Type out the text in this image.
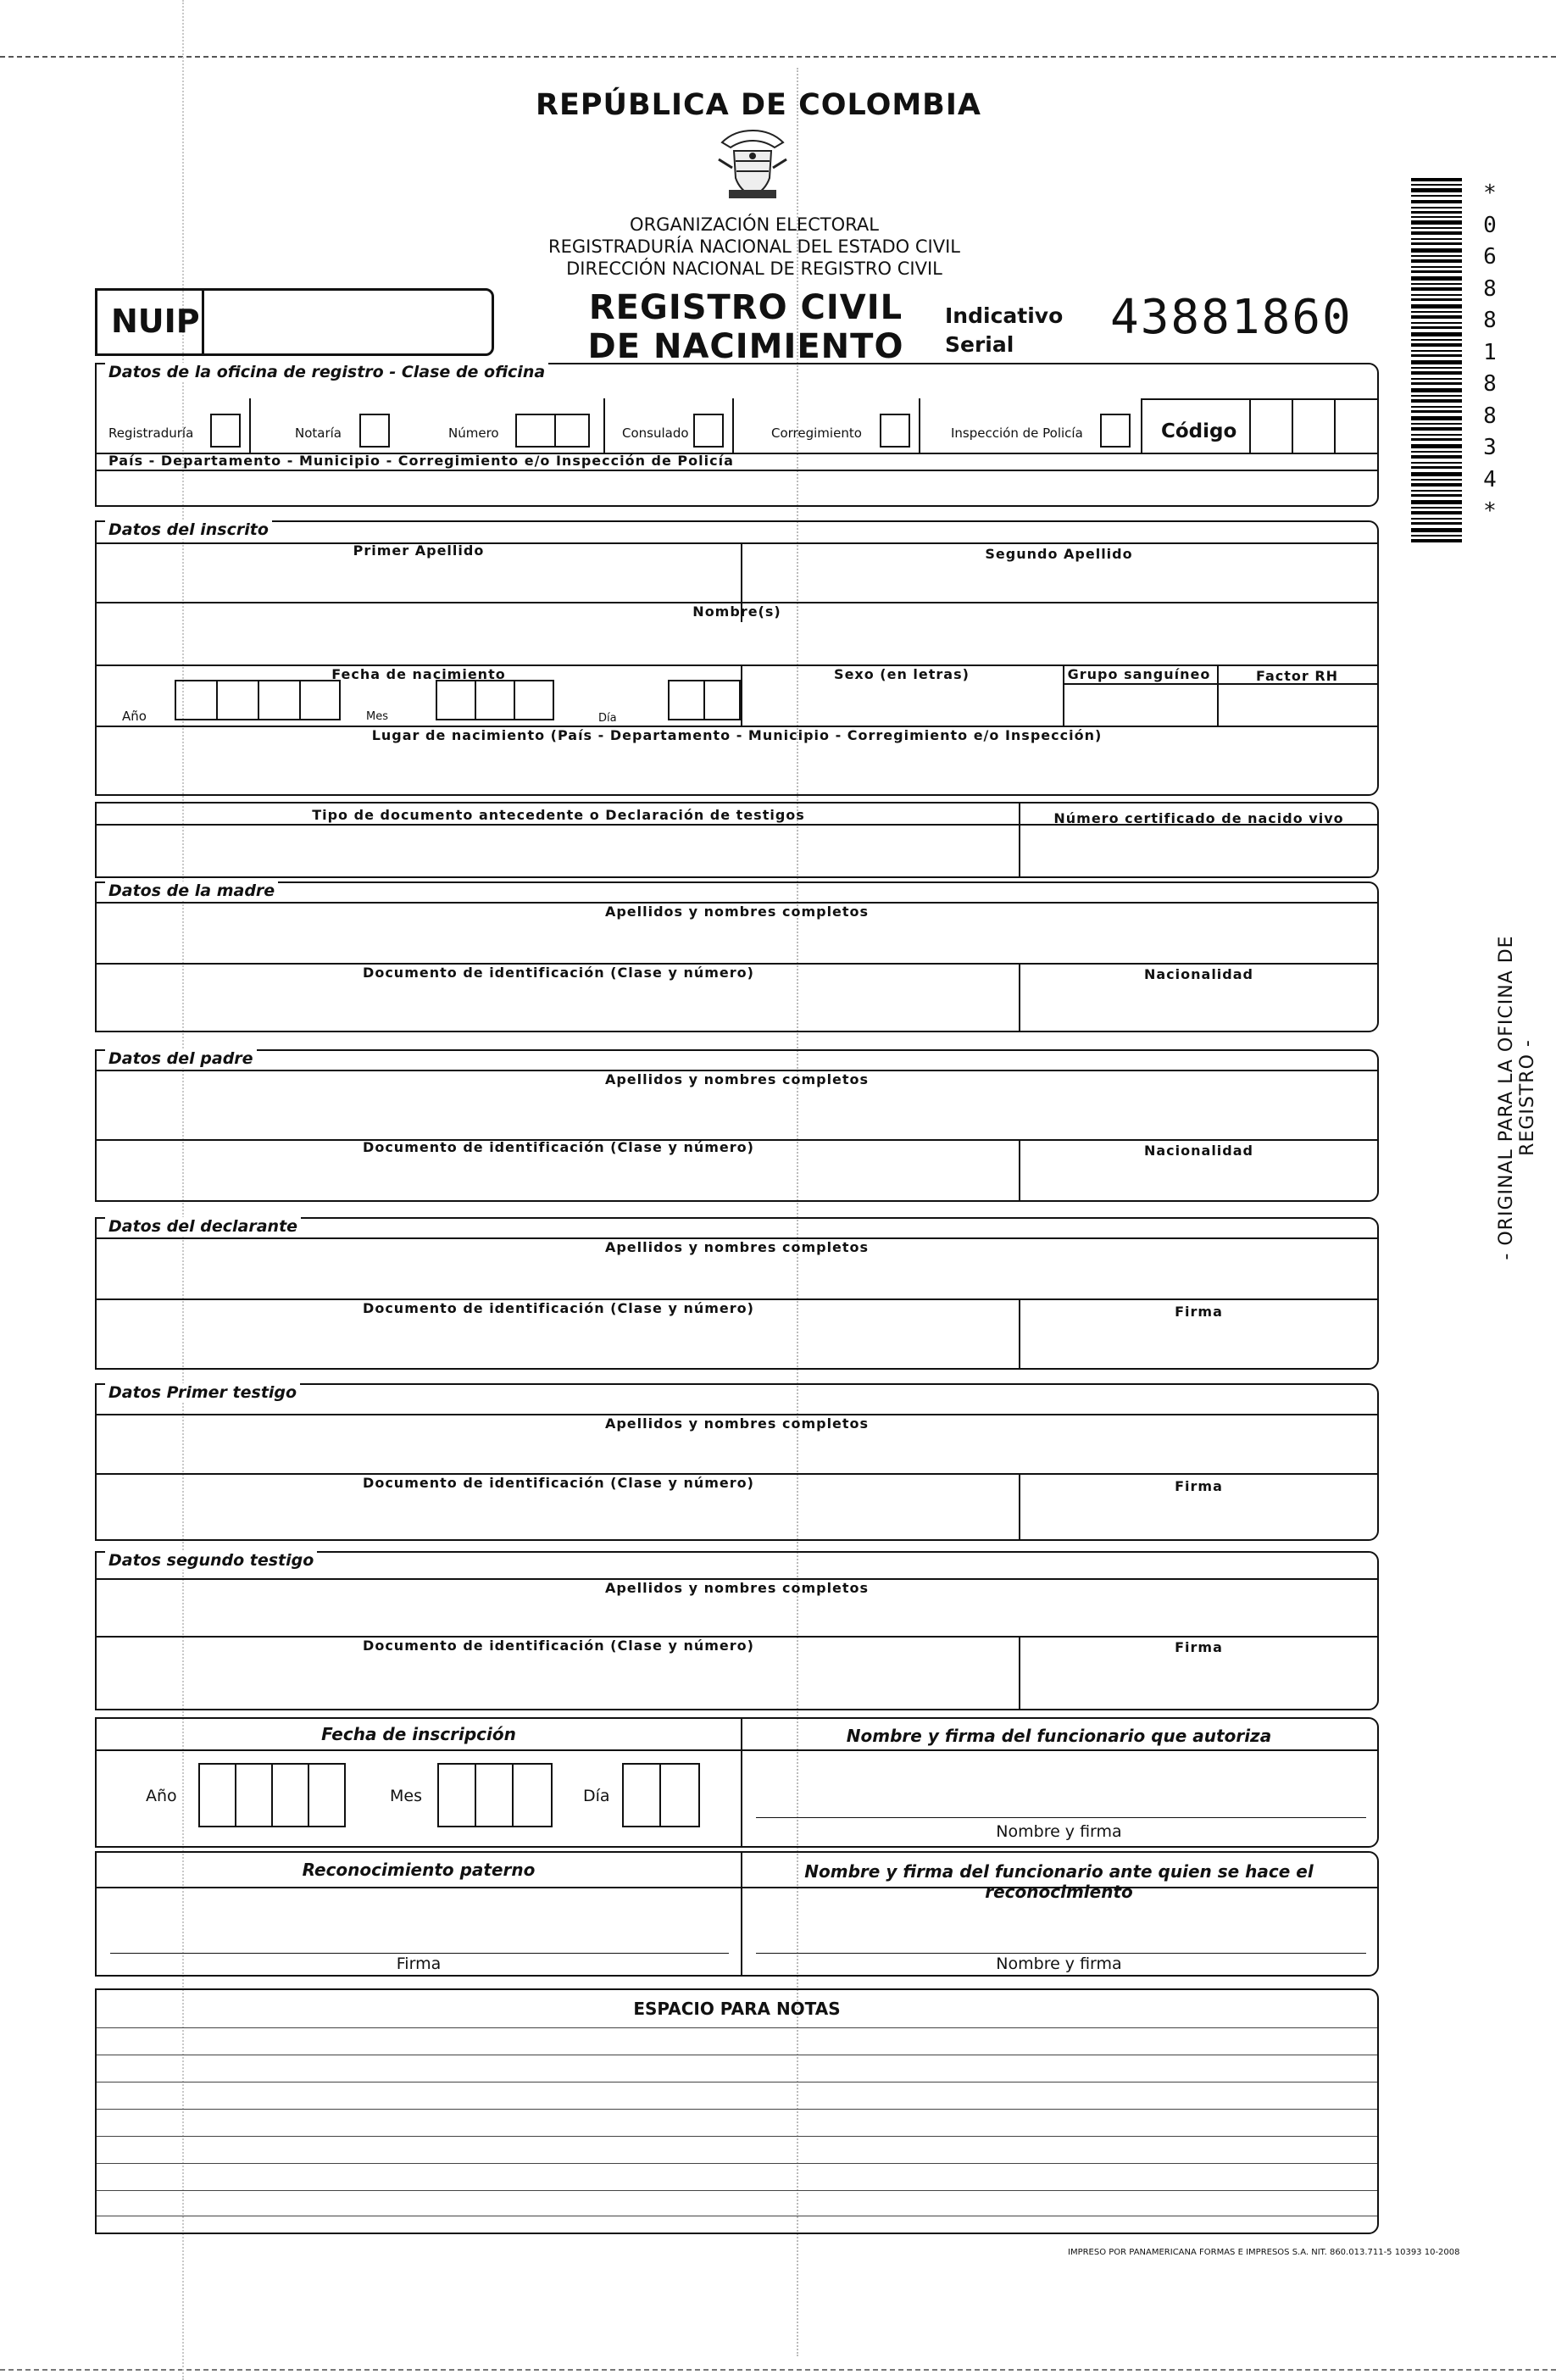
REPÚBLICA DE COLOMBIA
ORGANIZACIÓN ELECTORAL
REGISTRADURÍA NACIONAL DEL ESTADO CIVIL
DIRECCIÓN NACIONAL DE REGISTRO CIVIL
NUIP	REGISTRO CIVIL
DE NACIMIENTO
Indicativo
Serial	43881860
*
0
6
8
8
1
8
8
3
4
*
- ORIGINAL PARA LA OFICINA DE REGISTRO -
Datos de la oficina de registro - Clase de oficina
Registraduría	Notaría	Número	Consulado	Corregimiento	Inspección de Policía	Código
País - Departamento - Municipio - Corregimiento e/o Inspección de Policía
Datos del inscrito
Primer Apellido	Segundo Apellido
Nombre(s)
Fecha de nacimiento	Sexo (en letras)	Grupo sanguíneo	Factor RH
Año	Mes	Día
Lugar de nacimiento (País - Departamento - Municipio - Corregimiento e/o Inspección)
Tipo de documento antecedente o Declaración de testigos	Número certificado de nacido vivo
Datos de la madre
Apellidos y nombres completos
Documento de identificación (Clase y número)	Nacionalidad
Datos del padre
Apellidos y nombres completos
Documento de identificación (Clase y número)	Nacionalidad
Datos del declarante
Apellidos y nombres completos
Documento de identificación (Clase y número)	Firma
Datos Primer testigo
Apellidos y nombres completos
Documento de identificación (Clase y número)	Firma
Datos segundo testigo
Apellidos y nombres completos
Documento de identificación (Clase y número)	Firma
Fecha de inscripción	Nombre y firma del funcionario que autoriza
Año	Mes	Día
Nombre y firma
Reconocimiento paterno	Nombre y firma del funcionario ante quien se hace el reconocimiento
Firma	Nombre y firma
ESPACIO PARA NOTAS
IMPRESO POR PANAMERICANA FORMAS E IMPRESOS S.A. NIT. 860.013.711-5 10393 10-2008
